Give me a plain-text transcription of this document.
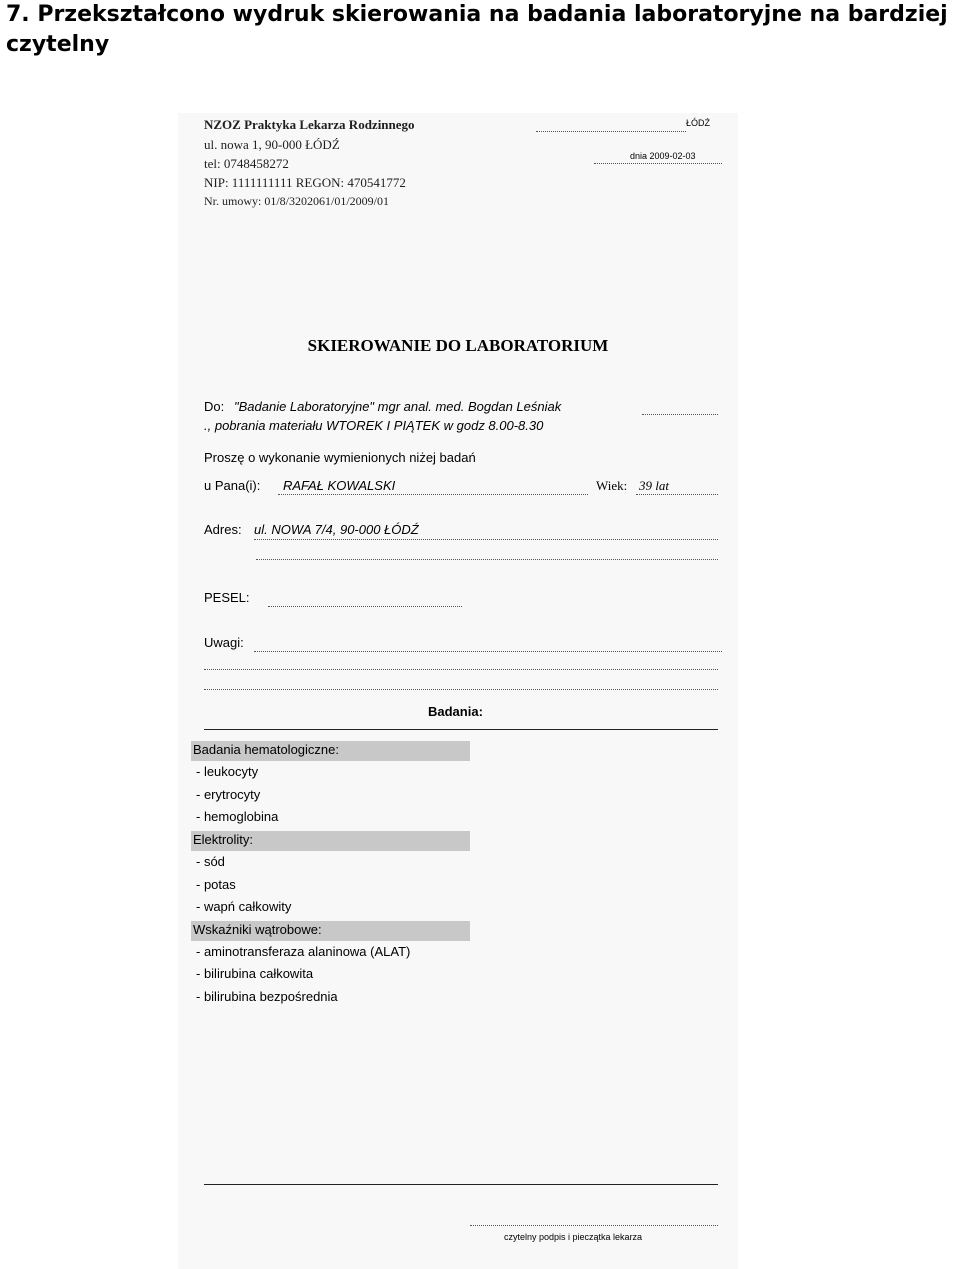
7. Przekształcono wydruk skierowania na badania laboratoryjne na bardziej czytelny
NZOZ Praktyka Lekarza Rodzinnego
ul. nowa 1, 90-000 ŁÓDŹ
tel: 0748458272
NIP: 1111111111 REGON: 470541772
Nr. umowy: 01/8/3202061/01/2009/01
ŁÓDŹ
dnia 2009-02-03
SKIEROWANIE DO LABORATORIUM
Do: "Badanie Laboratoryjne" mgr anal. med. Bogdan Leśniak
., pobrania materiału WTOREK I PIĄTEK w godz 8.00-8.30
Proszę o wykonanie wymienionych niżej badań
u Pana(i): RAFAŁ KOWALSKI	Wiek: 39 lat
Adres: ul. NOWA 7/4, 90-000 ŁÓDŹ
PESEL:
Uwagi:
Badania:
Badania hematologiczne:
- leukocyty
- erytrocyty
- hemoglobina
Elektrolity:
- sód
- potas
- wapń całkowity
Wskaźniki wątrobowe:
- aminotransferaza alaninowa (ALAT)
- bilirubina całkowita
- bilirubina bezpośrednia
czytelny podpis i pieczątka lekarza
